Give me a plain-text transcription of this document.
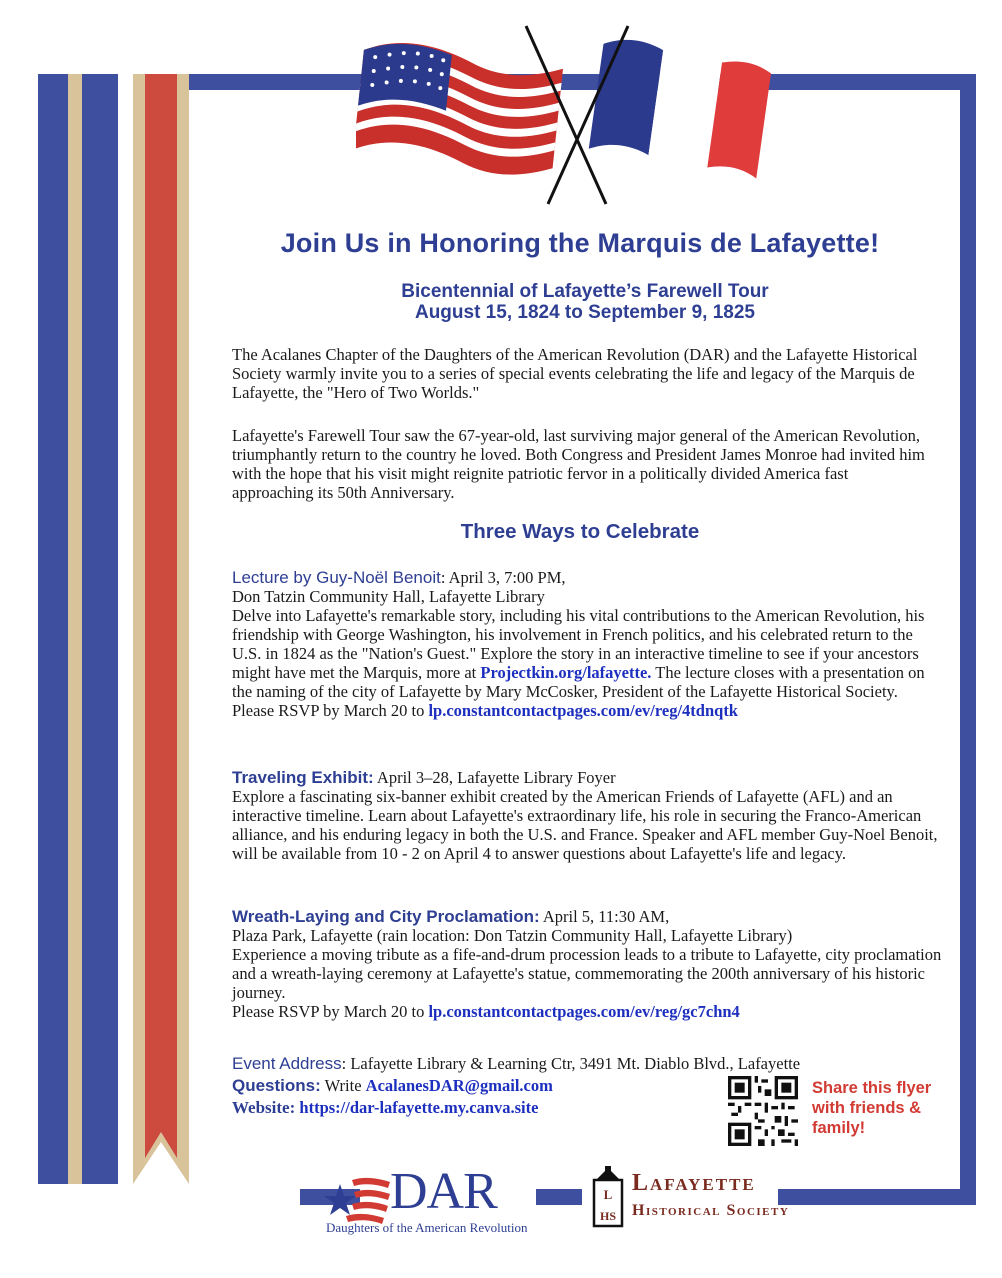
Join Us in Honoring the Marquis de Lafayette!
Bicentennial of Lafayette’s Farewell Tour
August 15, 1824 to September 9, 1825
The Acalanes Chapter of the Daughters of the American Revolution (DAR) and the Lafayette Historical Society warmly invite you to a series of special events celebrating the life and legacy of the Marquis de Lafayette, the "Hero of Two Worlds."
Lafayette's Farewell Tour saw the 67-year-old, last surviving major general of the American Revolution, triumphantly return to the country he loved. Both Congress and President James Monroe had invited him with the hope that his visit might reignite patriotic fervor in a politically divided America fast approaching its 50th Anniversary.
Three Ways to Celebrate
Lecture by Guy-Noël Benoit: April 3, 7:00 PM,
Don Tatzin Community Hall, Lafayette Library
Delve into Lafayette's remarkable story, including his vital contributions to the American Revolution, his friendship with George Washington, his involvement in French politics, and his celebrated return to the U.S. in 1824 as the "Nation's Guest." Explore the story in an interactive timeline to see if your ancestors might have met the Marquis, more at Projectkin.org/lafayette. The lecture closes with a presentation on the naming of the city of Lafayette by Mary McCosker, President of the Lafayette Historical Society. Please RSVP by March 20 to lp.constantcontactpages.com/ev/reg/4tdnqtk
Traveling Exhibit: April 3–28, Lafayette Library Foyer
Explore a fascinating six-banner exhibit created by the American Friends of Lafayette (AFL) and an interactive timeline. Learn about Lafayette's extraordinary life, his role in securing the Franco-American alliance, and his enduring legacy in both the U.S. and France. Speaker and AFL member Guy-Noel Benoit, will be available from 10 - 2 on April 4 to answer questions about Lafayette's life and legacy.
Wreath-Laying and City Proclamation: April 5, 11:30 AM,
Plaza Park, Lafayette (rain location: Don Tatzin Community Hall, Lafayette Library)
Experience a moving tribute as a fife-and-drum procession leads to a tribute to Lafayette, city proclamation and a wreath-laying ceremony at Lafayette's statue, commemorating the 200th anniversary of his historic journey.
Please RSVP by March 20 to lp.constantcontactpages.com/ev/reg/gc7chn4
Event Address: Lafayette Library & Learning Ctr, 3491 Mt. Diablo Blvd., Lafayette
Questions: Write AcalanesDAR@gmail.com
Website: https://dar-lafayette.my.canva.site
Share this flyer
with friends &
family!
DAR
Daughters of the American Revolution
L
HS
Lafayette
Historical Society
